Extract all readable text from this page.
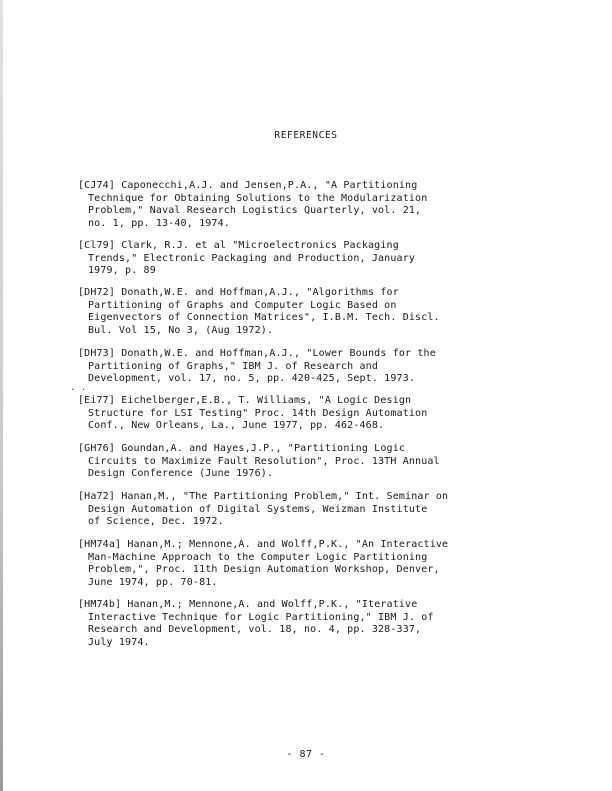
REFERENCES
[CJ74] Caponecchi,A.J. and Jensen,P.A., "A Partitioning
Technique for Obtaining Solutions to the Modularization
Problem," Naval Research Logistics Quarterly, vol. 21,
no. 1, pp. 13-40, 1974.
[Cl79] Clark, R.J. et al "Microelectronics Packaging
Trends," Electronic Packaging and Production, January
1979, p. 89
[DH72] Donath,W.E. and Hoffman,A.J., "Algorithms for
Partitioning of Graphs and Computer Logic Based on
Eigenvectors of Connection Matrices", I.B.M. Tech. Discl.
Bul. Vol 15, No 3, (Aug 1972).
[DH73] Donath,W.E. and Hoffman,A.J., "Lower Bounds for the
Partitioning of Graphs," IBM J. of Research and
Development, vol. 17, no. 5, pp. 420-425, Sept. 1973.
[Ei77] Eichelberger,E.B., T. Williams, "A Logic Design
Structure for LSI Testing" Proc. 14th Design Automation
Conf., New Orleans, La., June 1977, pp. 462-468.
[GH76] Goundan,A. and Hayes,J.P., "Partitioning Logic
Circuits to Maximize Fault Resolution", Proc. 13TH Annual
Design Conference (June 1976).
[Ha72] Hanan,M., "The Partitioning Problem," Int. Seminar on
Design Automation of Digital Systems, Weizman Institute
of Science, Dec. 1972.
[HM74a] Hanan,M.; Mennone,A. and Wolff,P.K., "An Interactive
Man-Machine Approach to the Computer Logic Partitioning
Problem,", Proc. 11th Design Automation Workshop, Denver,
June 1974, pp. 70-81.
[HM74b] Hanan,M.; Mennone,A. and Wolff,P.K., "Iterative
Interactive Technique for Logic Partitioning," IBM J. of
Research and Development, vol. 18, no. 4, pp. 328-337,
July 1974.
. .
- 87 -
